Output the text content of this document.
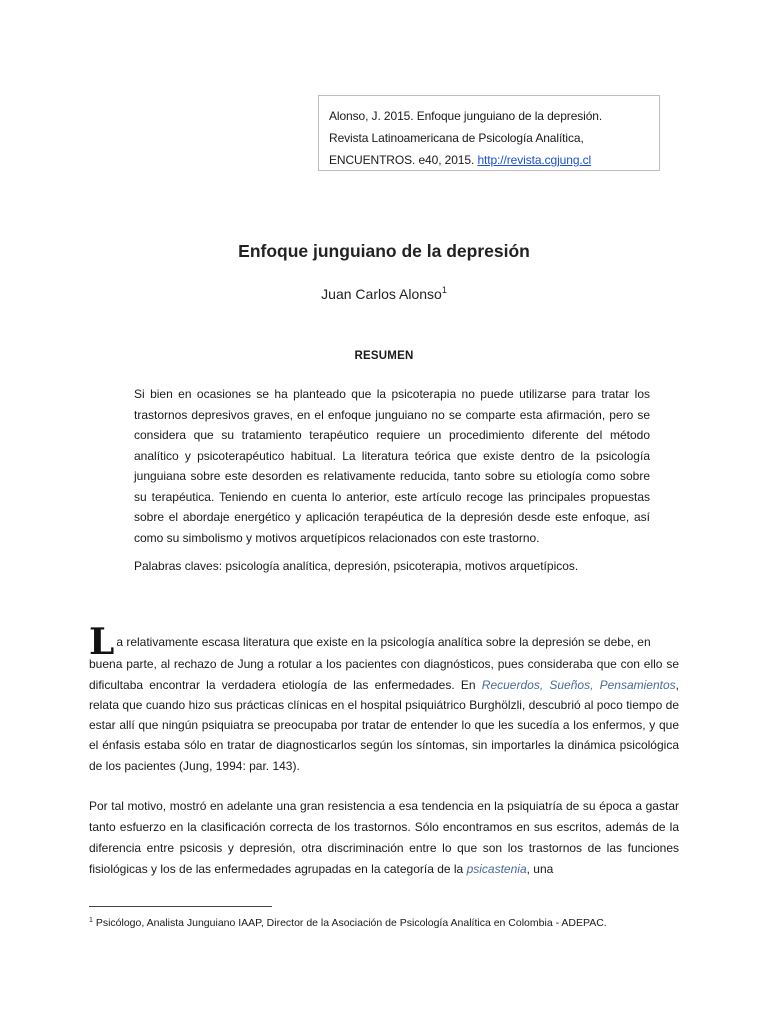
Alonso, J. 2015. Enfoque junguiano de la depresión.
Revista Latinoamericana de Psicología Analítica,
ENCUENTROS. e40, 2015. http://revista.cgjung.cl
Enfoque junguiano de la depresión
Juan Carlos Alonso$^1$
RESUMEN

Si bien en ocasiones se ha planteado que la psicoterapia no puede utilizarse para tratar los trastornos depresivos graves, en el enfoque junguiano no se comparte esta afirmación, pero se considera que su tratamiento terapéutico requiere un procedimiento diferente del método analítico y psicoterapéutico habitual. La literatura teórica que existe dentro de la psicología junguiana sobre este desorden es relativamente reducida, tanto sobre su etiología como sobre su terapéutica. Teniendo en cuenta lo anterior, este artículo recoge las principales propuestas sobre el abordaje energético y aplicación terapéutica de la depresión desde este enfoque, así como su simbolismo y motivos arquetípicos relacionados con este trastorno.

Palabras claves: psicología analítica, depresión, psicoterapia, motivos arquetípicos.

L a relativamente escasa literatura que existe en la psicología analítica sobre la depresión se debe, en
buena parte, al rechazo de Jung a rotular a los pacientes con diagnósticos, pues consideraba que con ello se dificultaba encontrar la verdadera etiología de las enfermedades. En Recuerdos, Sueños, Pensamientos, relata que cuando hizo sus prácticas clínicas en el hospital psiquiátrico Burghölzli, descubrió al poco tiempo de estar allí que ningún psiquiatra se preocupaba por tratar de entender lo que les sucedía a los enfermos, y que el énfasis estaba sólo en tratar de diagnosticarlos según los síntomas, sin importarles la dinámica psicológica de los pacientes (Jung, 1994: par. 143).

Por tal motivo, mostró en adelante una gran resistencia a esa tendencia en la psiquiatría de su época a gastar tanto esfuerzo en la clasificación correcta de los trastornos. Sólo encontramos en sus escritos, además de la diferencia entre psicosis y depresión, otra discriminación entre lo que son los trastornos de las funciones fisiológicas y los de las enfermedades agrupadas en la categoría de la psicastenia, una

$^1$ Psicólogo, Analista Junguiano IAAP, Director de la Asociación de Psicología Analítica en Colombia - ADEPAC.
